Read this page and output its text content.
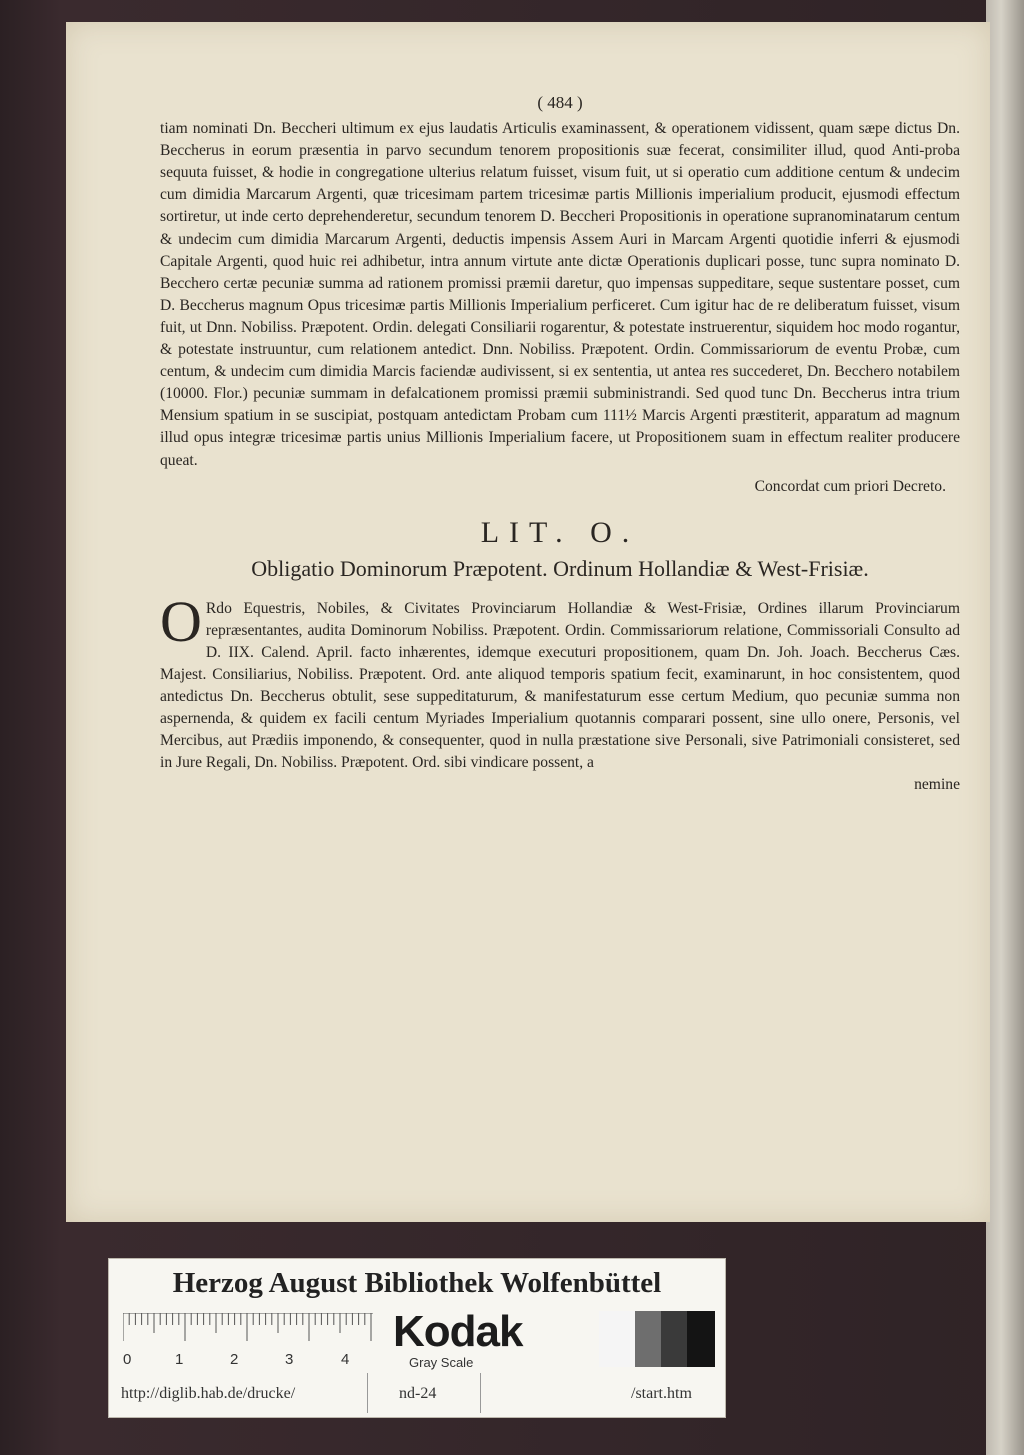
( 484 )

tiam nominati Dn. Beccheri ultimum ex ejus laudatis Articulis examinassent, & operationem vidissent, quam sæpe dictus Dn. Beccherus in eorum præsentia in parvo secundum tenorem propositionis suæ fecerat, consimiliter illud, quod Anti-proba sequuta fuisset, & hodie in congregatione ulterius relatum fuisset, visum fuit, ut si operatio cum additione centum & undecim cum dimidia Marcarum Argenti, quæ tricesimam partem tricesimæ partis Millionis imperialium producit, ejusmodi effectum sortiretur, ut inde certo deprehenderetur, secundum tenorem D. Beccheri Propositionis in operatione supranominatarum centum & undecim cum dimidia Marcarum Argenti, deductis impensis Assem Auri in Marcam Argenti quotidie inferri & ejusmodi Capitale Argenti, quod huic rei adhibetur, intra annum virtute ante dictæ Operationis duplicari posse, tunc supra nominato D. Becchero certæ pecuniæ summa ad rationem promissi præmii daretur, quo impensas suppeditare, seque sustentare posset, cum D. Beccherus magnum Opus tricesimæ partis Millionis Imperialium perficeret. Cum igitur hac de re deliberatum fuisset, visum fuit, ut Dnn. Nobiliss. Præpotent. Ordin. delegati Consiliarii rogarentur, & potestate instruerentur, siquidem hoc modo rogantur, & potestate instruuntur, cum relationem antedict. Dnn. Nobiliss. Præpotent. Ordin. Commissariorum de eventu Probæ, cum centum, & undecim cum dimidia Marcis faciendæ audivissent, si ex sententia, ut antea res succederet, Dn. Becchero notabilem (10000. Flor.) pecuniæ summam in defalcationem promissi præmii subministrandi. Sed quod tunc Dn. Beccherus intra trium Mensium spatium in se suscipiat, postquam antedictam Probam cum 111½ Marcis Argenti præstiterit, apparatum ad magnum illud opus integræ tricesimæ partis unius Millionis Imperialium facere, ut Propositionem suam in effectum realiter producere queat.

Concordat cum priori Decreto.

LIT. O.
Obligatio Dominorum Præpotent. Ordinum Hollandiæ & West-Frisiæ.
O Rdo Equestris, Nobiles, & Civitates Provinciarum Hollandiæ & West-Frisiæ, Ordines illarum Provinciarum repræsentantes, audita Dominorum Nobiliss. Præpotent. Ordin. Commissariorum relatione, Commissoriali Consulto ad D. IIX. Calend. April. facto inhærentes, idemque executuri propositionem, quam Dn. Joh. Joach. Beccherus Cæs. Majest. Consiliarius, Nobiliss. Præpotent. Ord. ante aliquod temporis spatium fecit, examinarunt, in hoc consistentem, quod antedictus Dn. Beccherus obtulit, sese suppeditaturum, & manifestaturum esse certum Medium, quo pecuniæ summa non aspernenda, & quidem ex facili centum Myriades Imperialium quotannis comparari possent, sine ullo onere, Personis, vel Mercibus, aut Prædiis imponendo, & consequenter, quod in nulla præstatione sive Personali, sive Patrimoniali consisteret, sed in Jure Regali, Dn. Nobiliss. Præpotent. Ord. sibi vindicare possent, a

nemine

Herzog August Bibliothek Wolfenbüttel
0	1	2	3	4
Kodak
Gray Scale
http://diglib.hab.de/drucke/	nd-24	/start.htm
